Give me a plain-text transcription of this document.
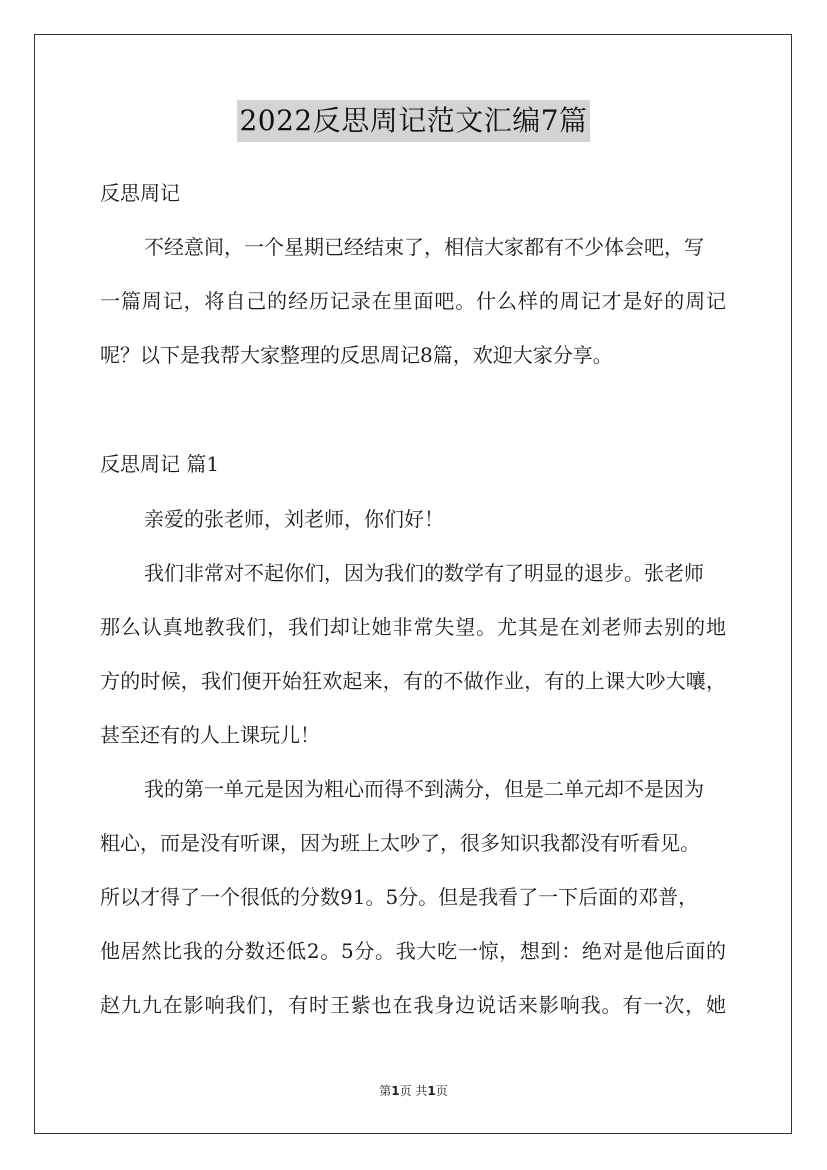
2022反思周记范文汇编7篇
反思周记
不经意间，一个星期已经结束了，相信大家都有不少体会吧，写
一篇周记，将自己的经历记录在里面吧。什么样的周记才是好的周记
呢？以下是我帮大家整理的反思周记8篇，欢迎大家分享。
反思周记 篇1
亲爱的张老师，刘老师，你们好！
我们非常对不起你们，因为我们的数学有了明显的退步。张老师
那么认真地教我们，我们却让她非常失望。尤其是在刘老师去别的地
方的时候，我们便开始狂欢起来，有的不做作业，有的上课大吵大嚷，
甚至还有的人上课玩儿！
我的第一单元是因为粗心而得不到满分，但是二单元却不是因为
粗心，而是没有听课，因为班上太吵了，很多知识我都没有听看见。
所以才得了一个很低的分数91。5分。但是我看了一下后面的邓普，
他居然比我的分数还低2。5分。我大吃一惊，想到：绝对是他后面的
赵九九在影响我们，有时王紫也在我身边说话来影响我。有一次，她
第1页 共1页
